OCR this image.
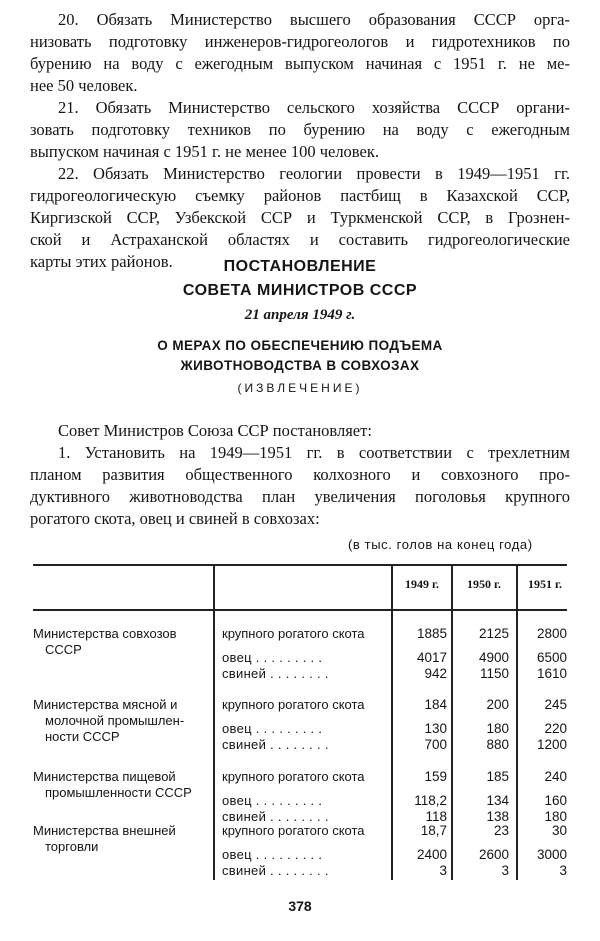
20. Обязать Министерство высшего образования СССР орга-
низовать подготовку инженеров-гидрогеологов и гидротехников по
бурению на воду с ежегодным выпуском начиная с 1951 г. не ме-
нее 50 человек.
21. Обязать Министерство сельского хозяйства СССР органи-
зовать подготовку техников по бурению на воду с ежегодным
выпуском начиная с 1951 г. не менее 100 человек.
22. Обязать Министерство геологии провести в 1949—1951 гг.
гидрогеологическую съемку районов пастбищ в Казахской ССР,
Киргизской ССР, Узбекской ССР и Туркменской ССР, в Грознен-
ской и Астраханской областях и составить гидрогеологические
карты этих районов.	ПОСТАНОВЛЕНИЕ
СОВЕТА МИНИСТРОВ СССР
21 апреля 1949 г.
О МЕРАХ ПО ОБЕСПЕЧЕНИЮ ПОДЪЕМА
ЖИВОТНОВОДСТВА В СОВХОЗАХ
(ИЗВЛЕЧЕНИЕ)
Совет Министров Союза ССР постановляет:
1. Установить на 1949—1951 гг. в соответствии с трехлетним
планом развития общественного колхозного и совхозного про-
дуктивного животноводства план увеличения поголовья крупного
рогатого скота, овец и свиней в совхозах:
(в тыс. голов на конец года)
1949 г.	1950 г.	1951 г.
Министерства совхозов
СССР
крупного рогатого скота	1885	2125	2800
овец . . . . . . . . .	4017	4900	6500
свиней . . . . . . . .	942	1150	1610
Министерства мясной и
молочной промышлен-
ности СССР
крупного рогатого скота	184	200	245
овец . . . . . . . . .	130	180	220
свиней . . . . . . . .	700	880	1200
Министерства пищевой
промышленности СССР
крупного рогатого скота	159	185	240
овец . . . . . . . . .	118,2	134	160
свиней . . . . . . . .	118	138	180
Министерства внешней
торговли
крупного рогатого скота	18,7	23	30
овец . . . . . . . . .	2400	2600	3000
свиней . . . . . . . .	3	3	3
378
